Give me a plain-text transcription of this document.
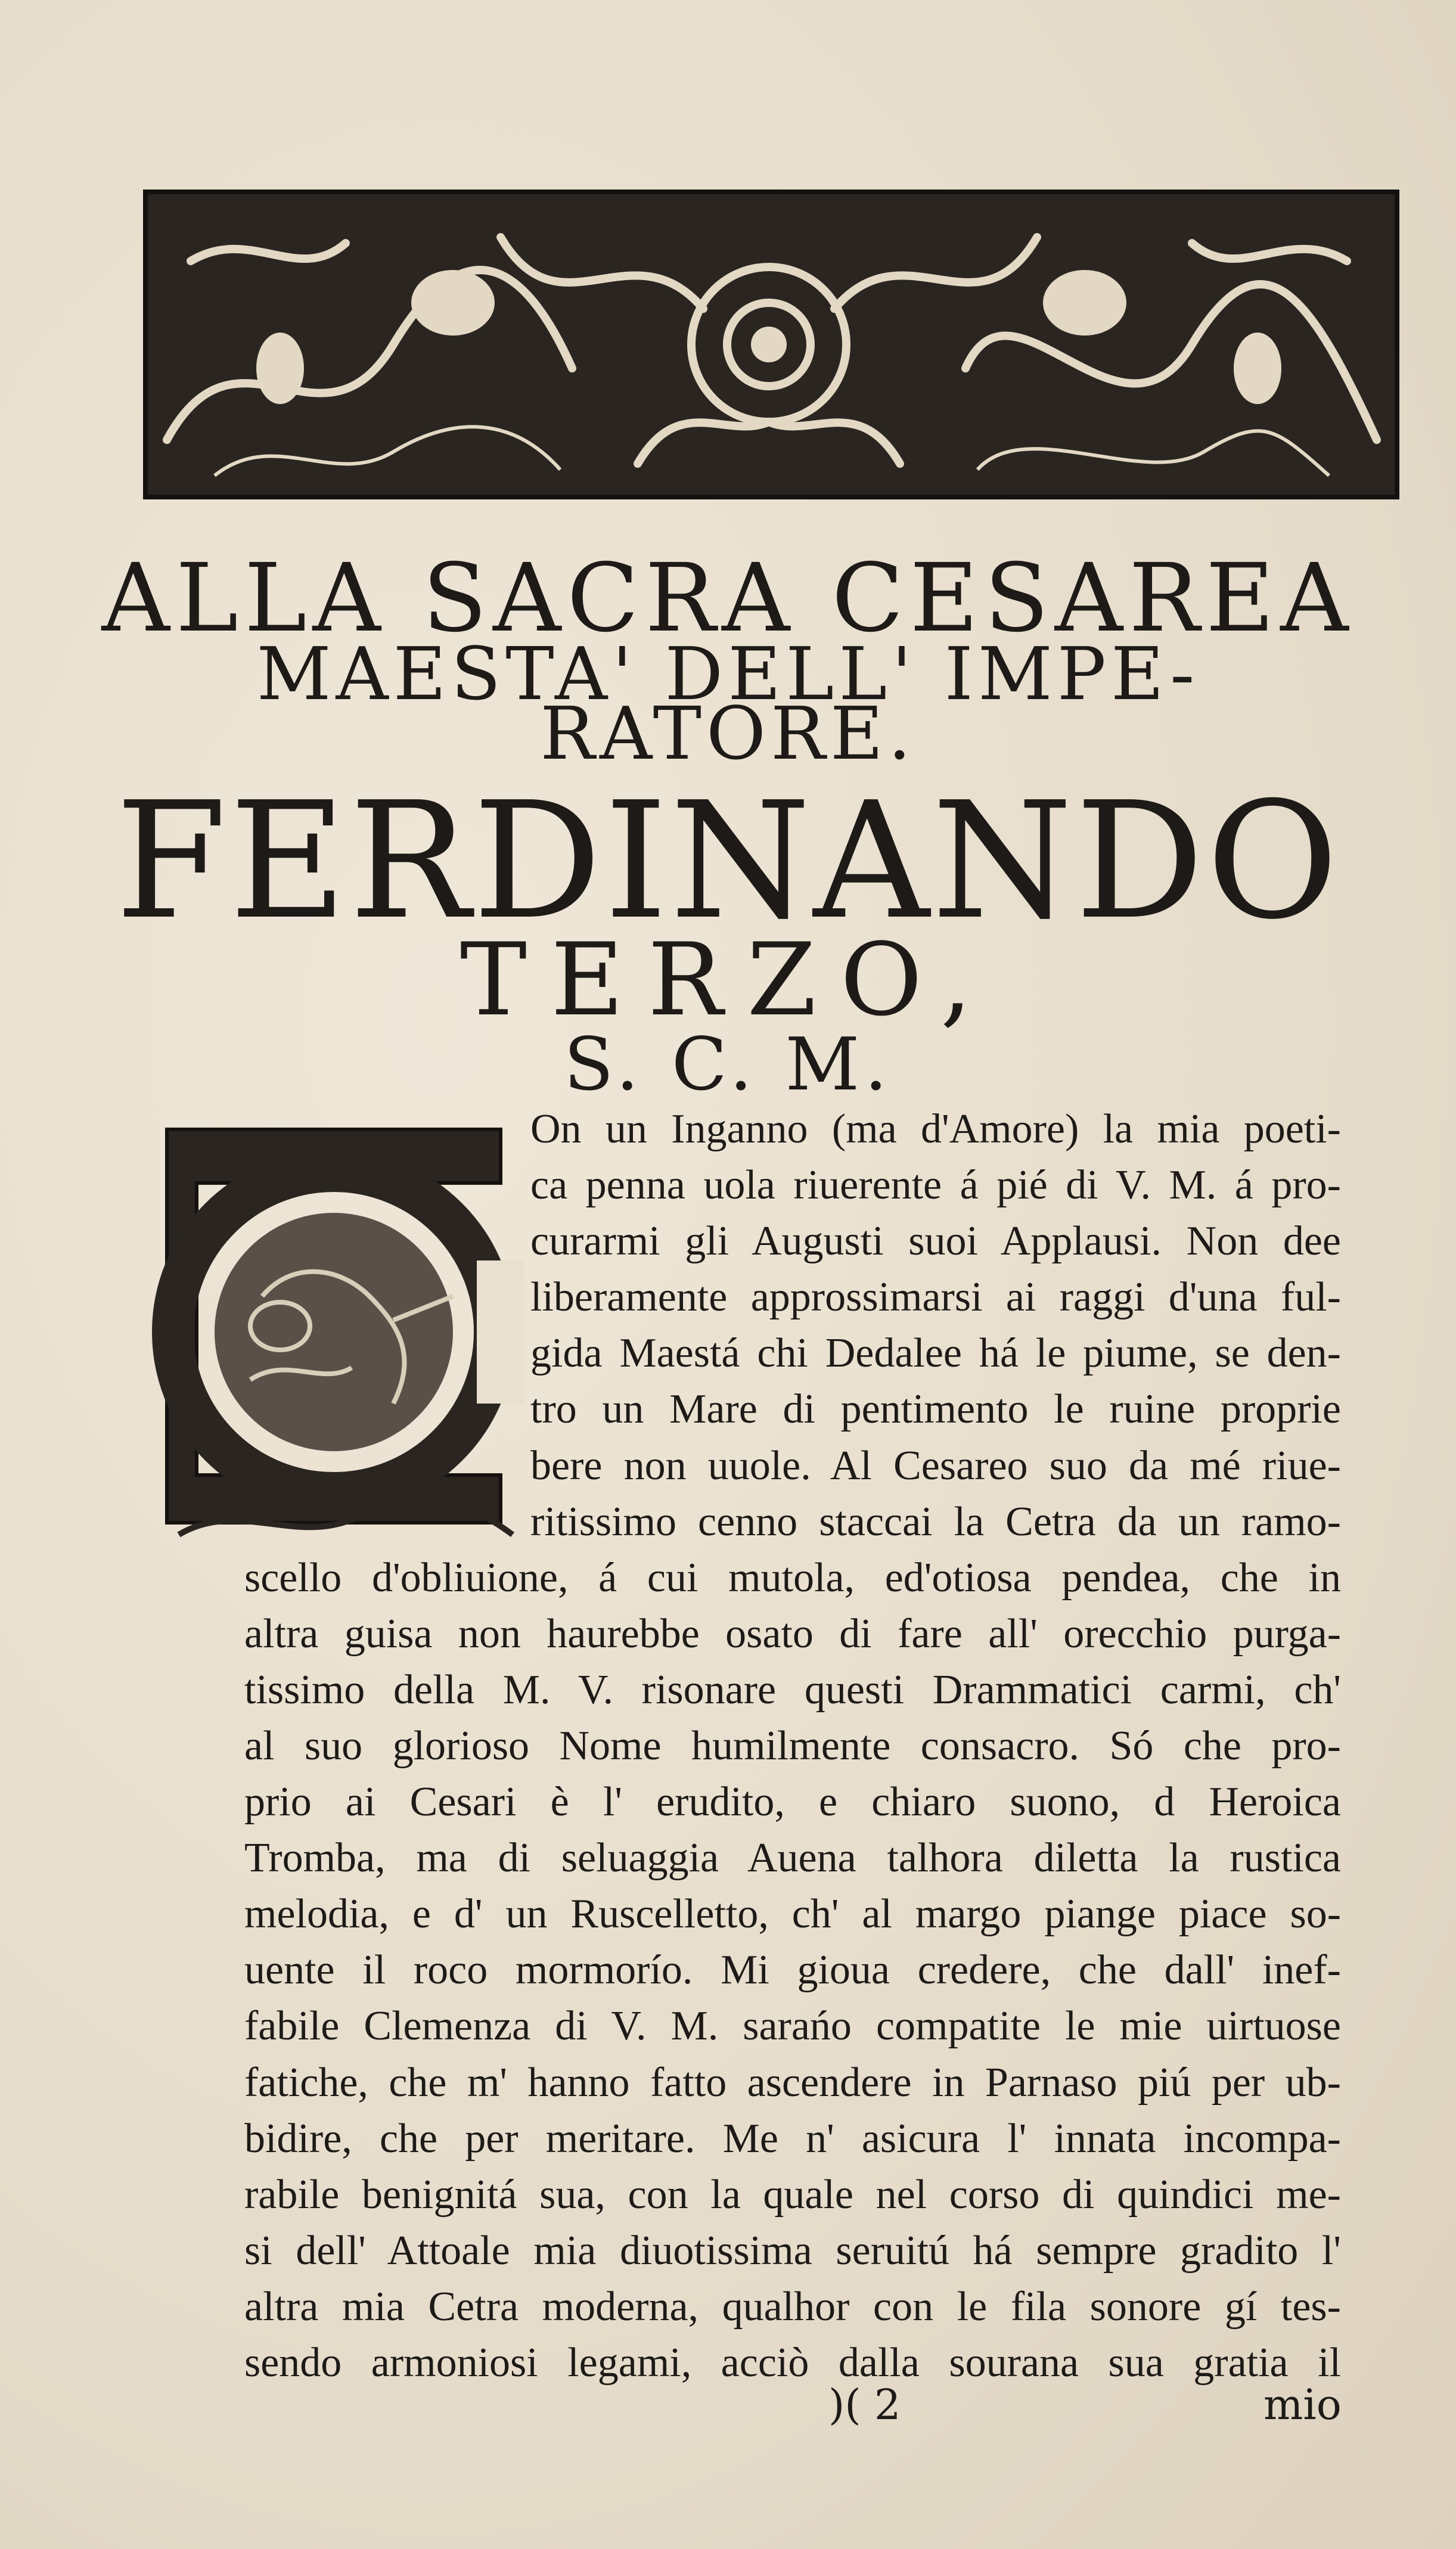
ALLA SACRA CESAREA
MAESTA' DELL' IMPE-
RATORE.
FERDINANDO
TERZO,
S. C. M.
On un Inganno (ma d'Amore) la mia poeti-
ca penna uola riuerente á pié di V. M. á pro-
curarmi gli Augusti suoi Applausi. Non dee
liberamente approssimarsi ai raggi d'una ful-
gida Maestá chi Dedalee há le piume, se den-
tro un Mare di pentimento le ruine proprie
bere non uuole. Al Cesareo suo da mé riue-
ritissimo cenno staccai la Cetra da un ramo-
scello d'obliuione, á cui mutola, ed'otiosa pendea, che in
altra guisa non haurebbe osato di fare all' orecchio purga-
tissimo della M. V. risonare questi Drammatici carmi, ch'
al suo glorioso Nome humilmente consacro. Só che pro-
prio ai Cesari è l' erudito, e chiaro suono, d Heroica
Tromba, ma di seluaggia Auena talhora diletta la rustica
melodia, e d' un Ruscelletto, ch' al margo piange piace so-
uente il roco mormorío. Mi gioua credere, che dall' inef-
fabile Clemenza di V. M. sarańo compatite le mie uirtuose
fatiche, che m' hanno fatto ascendere in Parnaso piú per ub-
bidire, che per meritare. Me n' asicura l' innata incompa-
rabile benignitá sua, con la quale nel corso di quindici me-
si dell' Attoale mia diuotissima seruitú há sempre gradito l'
)( 2	mio
altra mia Cetra moderna, qualhor con le fila sonore gí tes-
sendo armoniosi legami, acciò dalla sourana sua gratia il
